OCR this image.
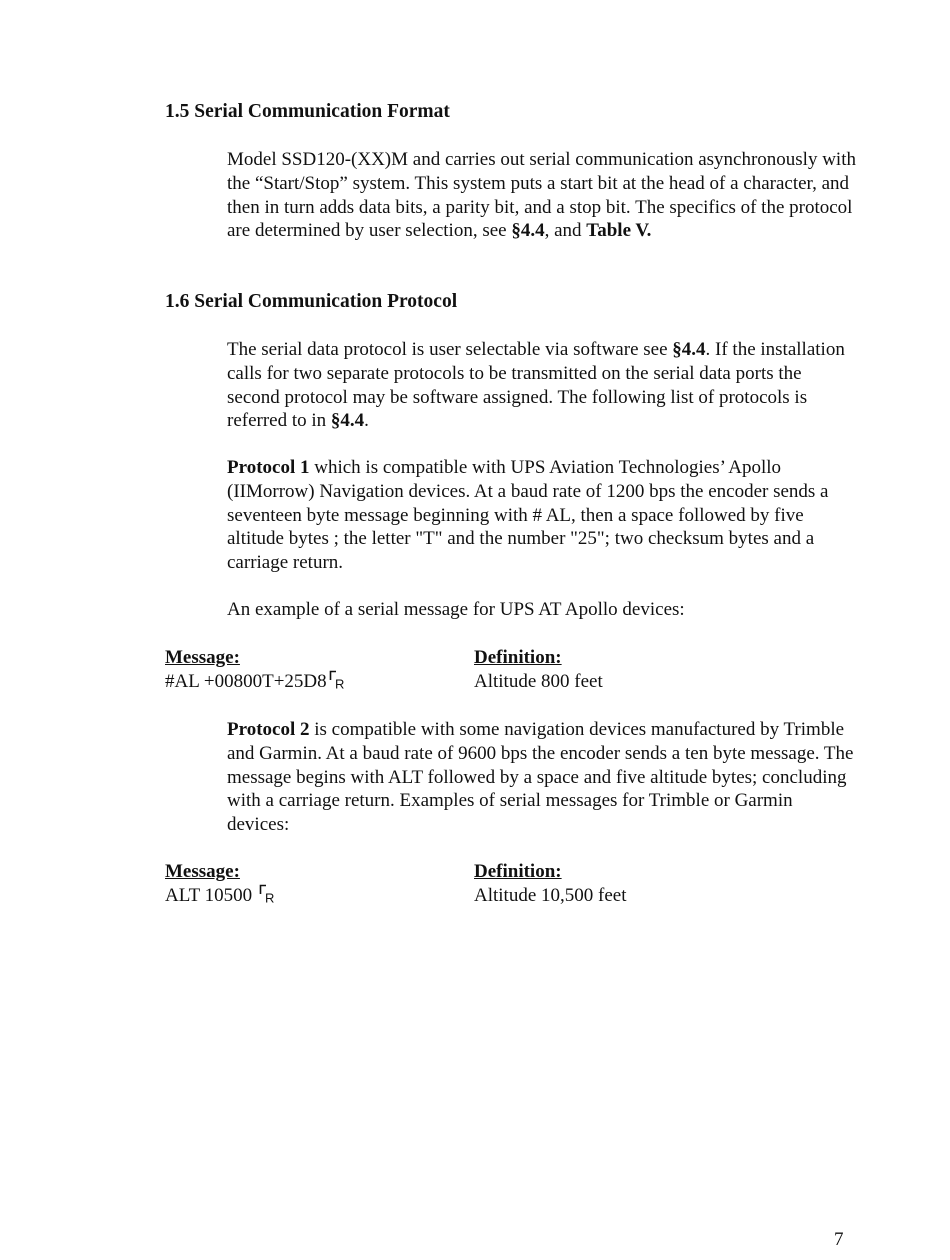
1.5 Serial Communication Format

Model SSD120-(XX)M and carries out serial communication asynchronously with the “Start/Stop” system. This system puts a start bit at the head of a character, and then in turn adds data bits, a parity bit, and a stop bit. The specifics of the protocol are determined by user selection, see §4.4, and Table V.

1.6 Serial Communication Protocol

The serial data protocol is user selectable via software see §4.4. If the installation calls for two separate protocols to be transmitted on the serial data ports the second protocol may be software assigned. The following list of protocols is referred to in §4.4.

Protocol 1 which is compatible with UPS Aviation Technologies’ Apollo (IIMorrow) Navigation devices. At a baud rate of 1200 bps the encoder sends a seventeen byte message beginning with # AL, then a space followed by five altitude bytes ; the letter "T" and the number "25"; two checksum bytes and a carriage return.

An example of a serial message for UPS AT Apollo devices:

Message:
#AL +00800T+25D8 R
Definition:
Altitude 800 feet

Protocol 2 is compatible with some navigation devices manufactured by Trimble and Garmin. At a baud rate of 9600 bps the encoder sends a ten byte message. The message begins with ALT followed by a space and five altitude bytes; concluding with a carriage return. Examples of serial messages for Trimble or Garmin devices:

Message:
ALT 10500 R
Definition:
Altitude 10,500 feet
7
